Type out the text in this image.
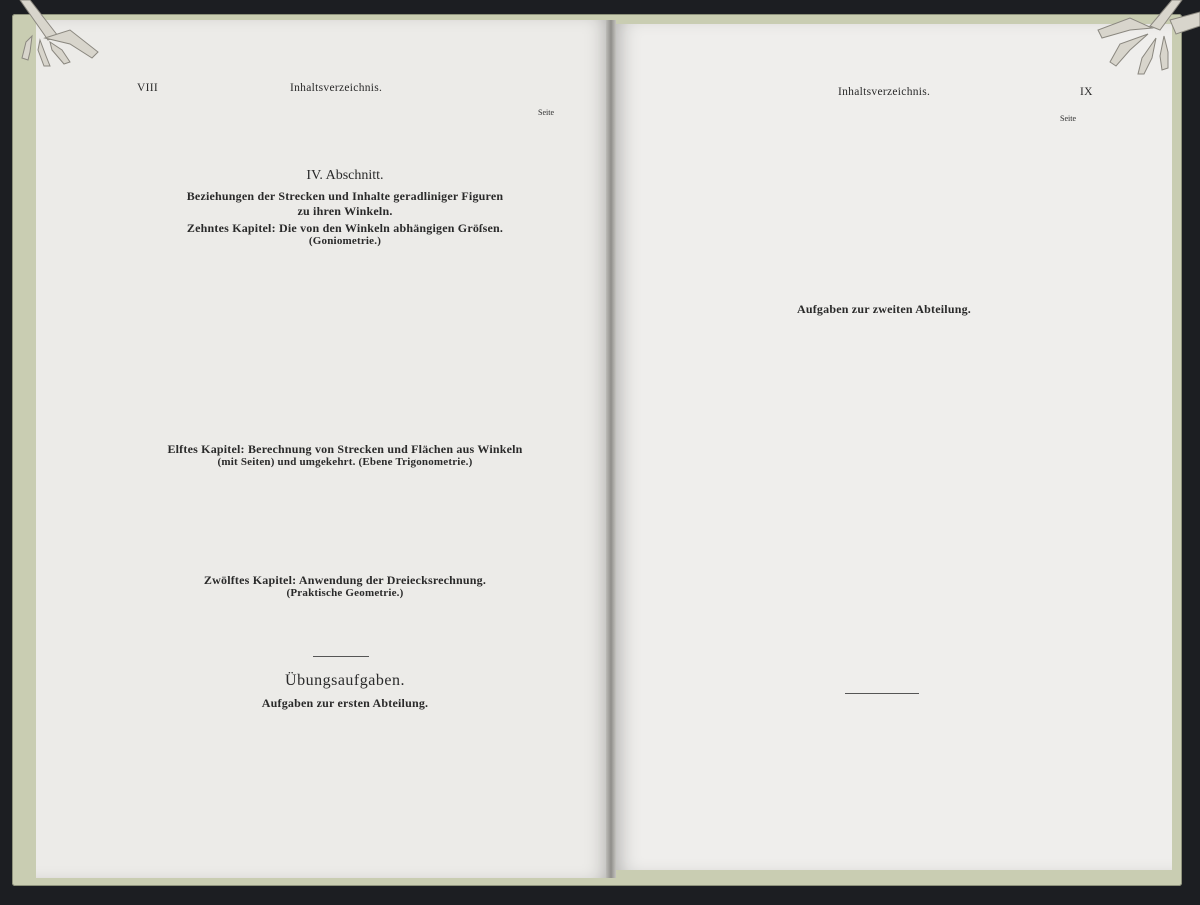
VIII	Inhaltsverzeichnis.
Seite
IV. Abschnitt.
Beziehungen der Strecken und Inhalte geradliniger Figuren
zu ihren Winkeln.
Zehntes Kapitel: Die von den Winkeln abhängigen Gröſsen.
(Goniometrie.)
Elftes Kapitel: Berechnung von Strecken und Flächen aus Winkeln
(mit Seiten) und umgekehrt. (Ebene Trigonometrie.)
Zwölftes Kapitel: Anwendung der Dreiecksrechnung.
(Praktische Geometrie.)
Übungsaufgaben.
Aufgaben zur ersten Abteilung.
Inhaltsverzeichnis.	IX
Seite
Aufgaben zur zweiten Abteilung.
